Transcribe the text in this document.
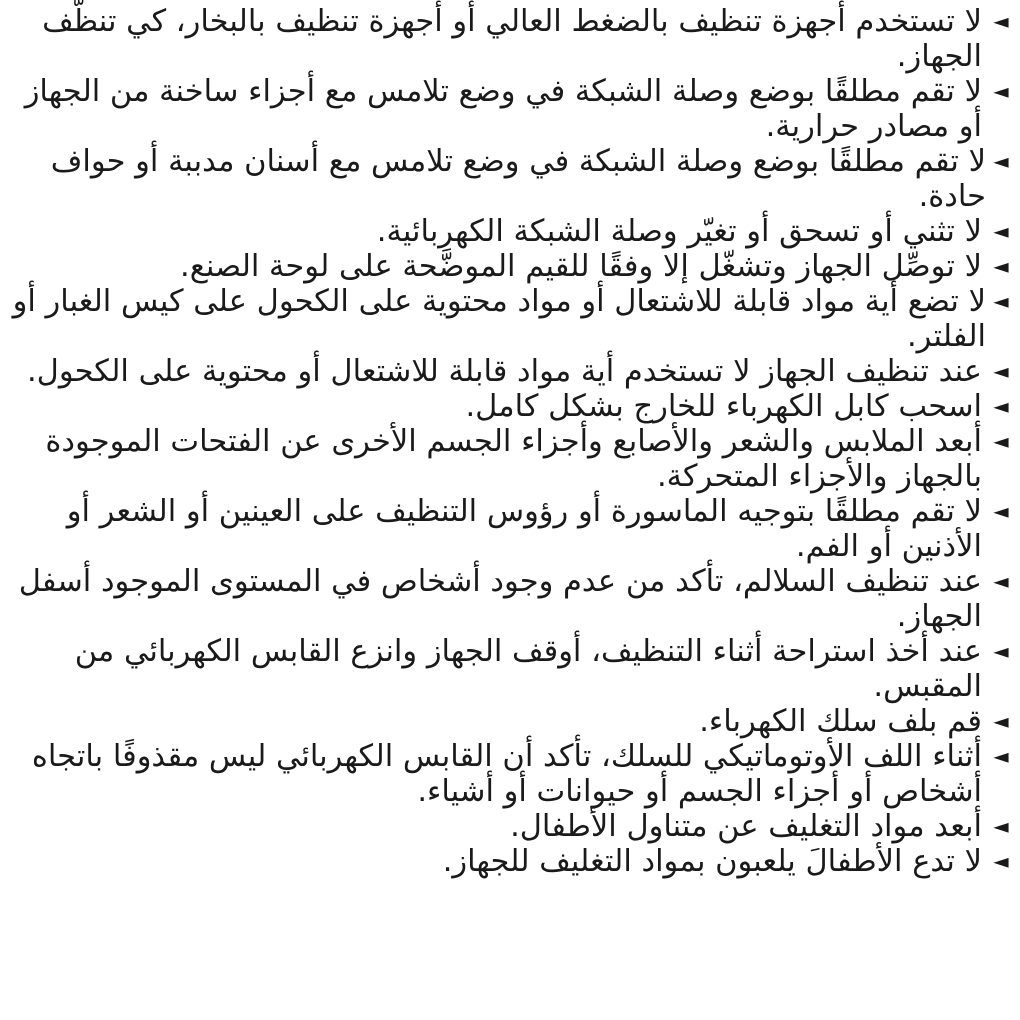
◄
لا تستخدم أجهزة تنظيف بالضغط العالي أو أجهزة تنظيف بالبخار، كي تنظّف الجهاز.
◄
لا تقم مطلقًا بوضع وصلة الشبكة في وضع تلامس مع أجزاء ساخنة من الجهاز أو مصادر حرارية.
◄
لا تقم مطلقًا بوضع وصلة الشبكة في وضع تلامس مع أسنان مدببة أو حواف حادة.
◄
لا تثني أو تسحق أو تغيّر وصلة الشبكة الكهربائية.
◄
لا توصِّل الجهاز وتشغّل إلا وفقًا للقيم الموضَّحة على لوحة الصنع.
◄
لا تضع أية مواد قابلة للاشتعال أو مواد محتوية على الكحول على كيس الغبار أو الفلتر.
◄
عند تنظيف الجهاز لا تستخدم أية مواد قابلة للاشتعال أو محتوية على الكحول.
◄
اسحب كابل الكهرباء للخارج بشكل كامل.
◄
أبعد الملابس والشعر والأصابع وأجزاء الجسم الأخرى عن الفتحات الموجودة بالجهاز والأجزاء المتحركة.
◄
لا تقم مطلقًا بتوجيه الماسورة أو رؤوس التنظيف على العينين أو الشعر أو الأذنين أو الفم.
◄
عند تنظيف السلالم، تأكد من عدم وجود أشخاص في المستوى الموجود أسفل الجهاز.
◄
عند أخذ استراحة أثناء التنظيف، أوقف الجهاز وانزع القابس الكهربائي من المقبس.
◄
قم بلف سلك الكهرباء.
◄
أثناء اللف الأوتوماتيكي للسلك، تأكد أن القابس الكهربائي ليس مقذوفًا باتجاه أشخاص أو أجزاء الجسم أو حيوانات أو أشياء.
◄
أبعد مواد التغليف عن متناول الأطفال.
◄
لا تدع الأطفالَ يلعبون بمواد التغليف للجهاز.
